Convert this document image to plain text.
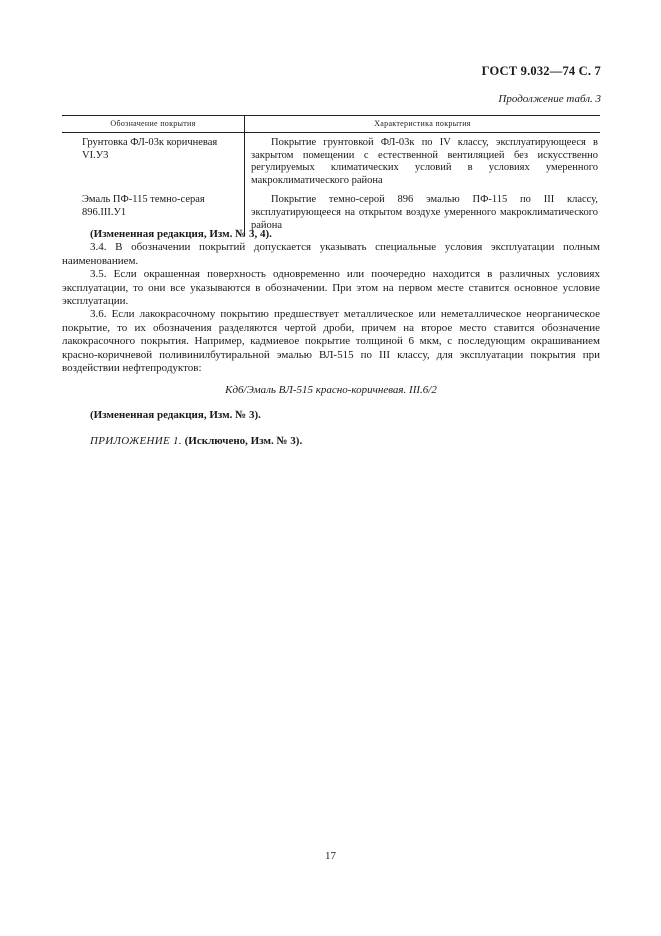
ГОСТ 9.032—74 С. 7
Продолжение табл. 3
Обозначение покрытия	Характеристика покрытия
Грунтовка ФЛ-03к коричневая VI.У3	Покрытие грунтовкой ФЛ-03к по IV классу, эксплуатирующееся в закрытом помещении с естественной вентиляцией без искусственно регулируемых климатических условий в условиях умеренного макроклиматического района
Эмаль ПФ-115 темно-серая 896.III.У1	Покрытие темно-серой 896 эмалью ПФ-115 по III классу, эксплуатирующееся на открытом воздухе умеренного макроклиматического района

(Измененная редакция, Изм. № 3, 4).

3.4. В обозначении покрытий допускается указывать специальные условия эксплуатации полным наименованием.

3.5. Если окрашенная поверхность одновременно или поочередно находится в различных условиях эксплуатации, то они все указываются в обозначении. При этом на первом месте ставится основное условие эксплуатации.

3.6. Если лакокрасочному покрытию предшествует металлическое или неметаллическое неорганическое покрытие, то их обозначения разделяются чертой дроби, причем на второе место ставится обозначение лакокрасочного покрытия. Например, кадмиевое покрытие толщиной 6 мкм, с последующим окрашиванием красно-коричневой поливинилбутиральной эмалью ВЛ-515 по III классу, для эксплуатации покрытия при воздействии нефтепродуктов:

Кд6/Эмаль ВЛ-515 красно-коричневая. III.6/2

(Измененная редакция, Изм. № 3).

ПРИЛОЖЕНИЕ 1. (Исключено, Изм. № 3).

17
